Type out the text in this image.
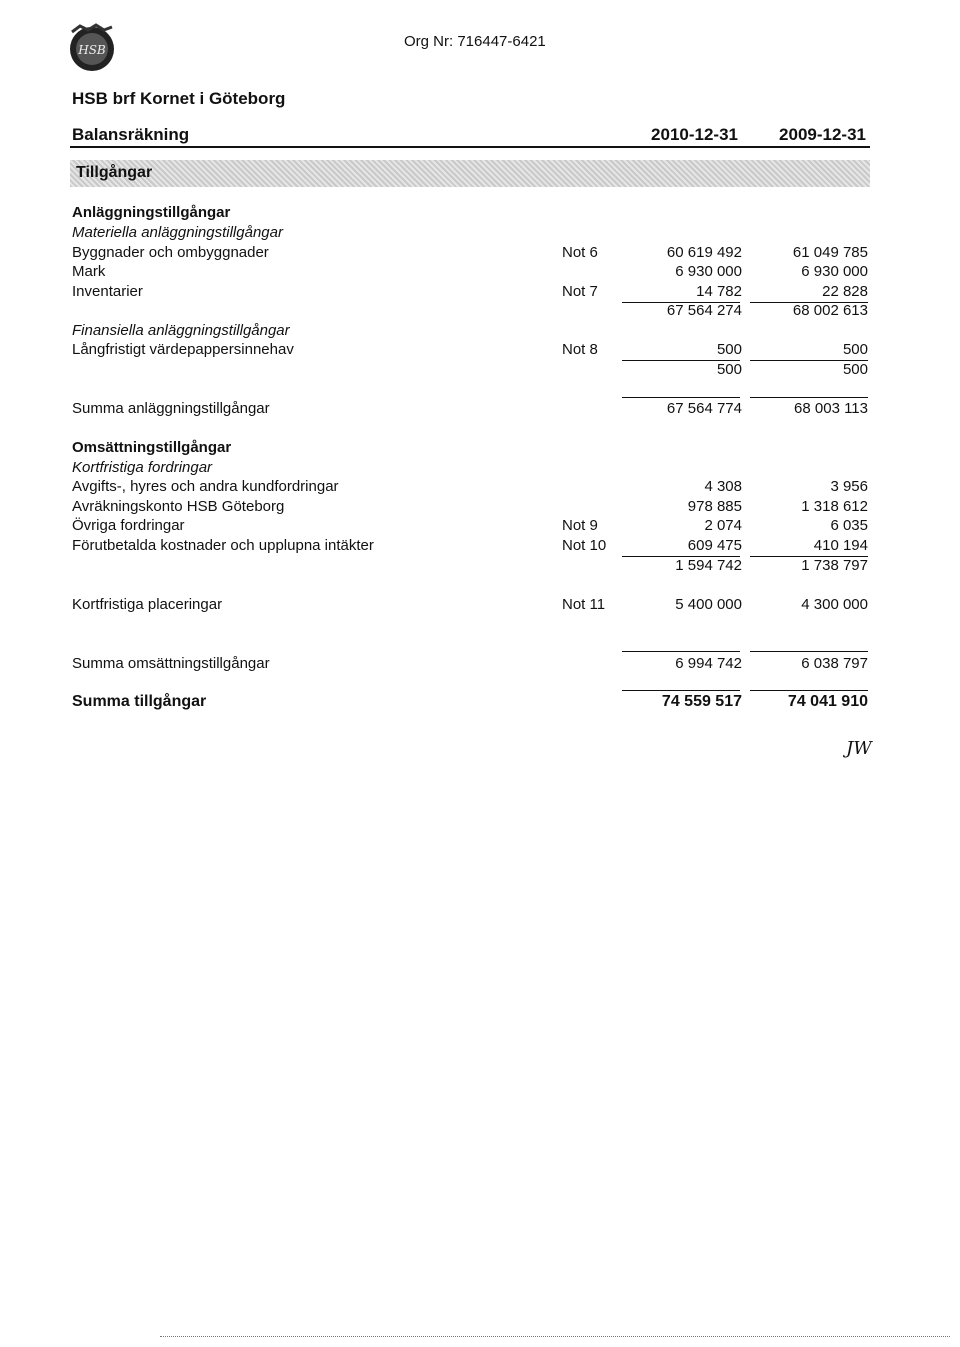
HSB	Org Nr: 716447-6421
HSB brf Kornet i Göteborg
Balansräkning	2010-12-31	2009-12-31
Tillgångar
Anläggningstillgångar
Materiella anläggningstillgångar
Byggnader och ombyggnader	Not 6	60 619 492	61 049 785
Mark	6 930 000	6 930 000
Inventarier	Not 7	14 782	22 828
67 564 274	68 002 613
Finansiella anläggningstillgångar
Långfristigt värdepappersinnehav	Not 8	500	500
500	500
Summa anläggningstillgångar	67 564 774	68 003 113
Omsättningstillgångar
Kortfristiga fordringar
Avgifts-, hyres och andra kundfordringar	4 308	3 956
Avräkningskonto HSB Göteborg	978 885	1 318 612
Övriga fordringar	Not 9	2 074	6 035
Förutbetalda kostnader och upplupna intäkter	Not 10	609 475	410 194
1 594 742	1 738 797
Kortfristiga placeringar	Not 11	5 400 000	4 300 000
Summa omsättningstillgångar	6 994 742	6 038 797
Summa tillgångar	74 559 517	74 041 910
JW
